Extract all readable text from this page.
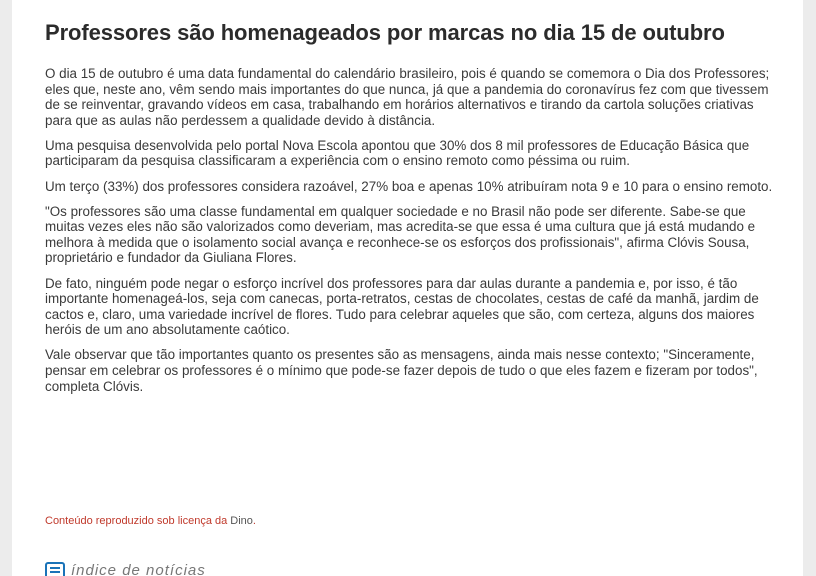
Professores são homenageados por marcas no dia 15 de outubro

O dia 15 de outubro é uma data fundamental do calendário brasileiro, pois é quando se comemora o Dia dos Professores; eles que, neste ano, vêm sendo mais importantes do que nunca, já que a pandemia do coronavírus fez com que tivessem de se reinventar, gravando vídeos em casa, trabalhando em horários alternativos e tirando da cartola soluções criativas para que as aulas não perdessem a qualidade devido à distância.

Uma pesquisa desenvolvida pelo portal Nova Escola apontou que 30% dos 8 mil professores de Educação Básica que participaram da pesquisa classificaram a experiência com o ensino remoto como péssima ou ruim.

Um terço (33%) dos professores considera razoável, 27% boa e apenas 10% atribuíram nota 9 e 10 para o ensino remoto.

"Os professores são uma classe fundamental em qualquer sociedade e no Brasil não pode ser diferente. Sabe-se que muitas vezes eles não são valorizados como deveriam, mas acredita-se que essa é uma cultura que já está mudando e melhora à medida que o isolamento social avança e reconhece-se os esforços dos profissionais", afirma Clóvis Sousa, proprietário e fundador da Giuliana Flores.

De fato, ninguém pode negar o esforço incrível dos professores para dar aulas durante a pandemia e, por isso, é tão importante homenageá-los, seja com canecas, porta-retratos, cestas de chocolates, cestas de café da manhã, jardim de cactos e, claro, uma variedade incrível de flores. Tudo para celebrar aqueles que são, com certeza, alguns dos maiores heróis de um ano absolutamente caótico.

Vale observar que tão importantes quanto os presentes são as mensagens, ainda mais nesse contexto; "Sinceramente, pensar em celebrar os professores é o mínimo que pode-se fazer depois de tudo o que eles fazem e fizeram por todos", completa Clóvis.

Conteúdo reproduzido sob licença da Dino.
índice de notícias
